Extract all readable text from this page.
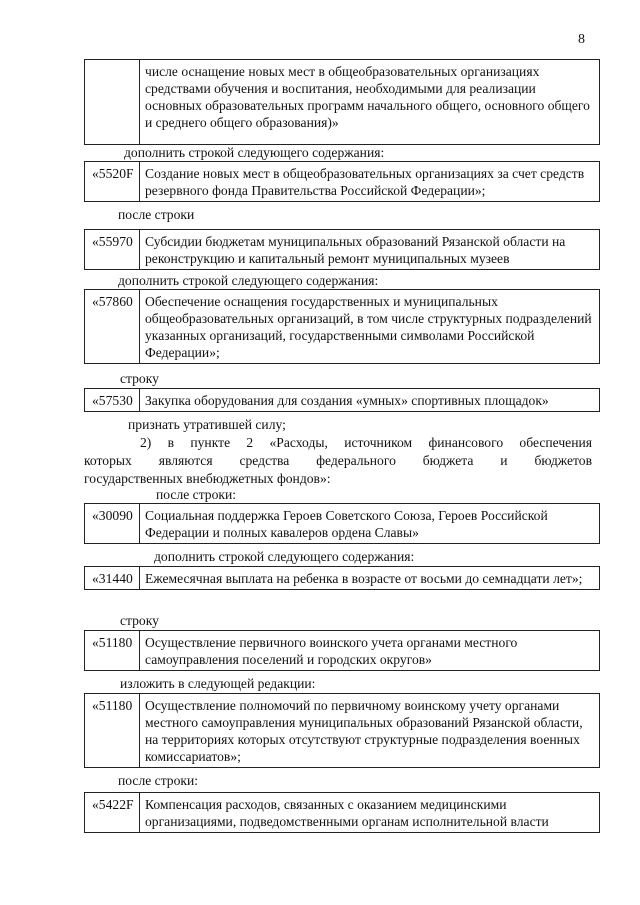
8
	числе оснащение новых мест в общеобразовательных организациях средствами обучения и воспитания, необходимыми для реализации основных образовательных программ начального общего, основного общего и среднего общего образования)»
дополнить строкой следующего содержания:
«5520F	Создание новых мест в общеобразовательных организациях за счет средств резервного фонда Правительства Российской Федерации»;
после строки
«55970	Субсидии бюджетам муниципальных образований Рязанской области на реконструкцию и капитальный ремонт муниципальных музеев
дополнить строкой следующего содержания:
«57860	Обеспечение оснащения государственных и муниципальных общеобразовательных организаций, в том числе структурных подразделений указанных организаций, государственными символами Российской Федерации»;
строку
«57530	Закупка оборудования для создания «умных» спортивных площадок»
признать утратившей силу;
2) в пункте 2 «Расходы, источником финансового обеспечения
которых являются средства федерального бюджета и бюджетов
государственных внебюджетных фондов»:
после строки:
«30090	Социальная поддержка Героев Советского Союза, Героев Российской Федерации и полных кавалеров ордена Славы»
дополнить строкой следующего содержания:
«31440	Ежемесячная выплата на ребенка в возрасте от восьми до семнадцати лет»;
строку
«51180	Осуществление первичного воинского учета органами местного самоуправления поселений и городских округов»
изложить в следующей редакции:
«51180	Осуществление полномочий по первичному воинскому учету органами местного самоуправления муниципальных образований Рязанской области, на территориях которых отсутствуют структурные подразделения военных комиссариатов»;
после строки:
«5422F	Компенсация расходов, связанных с оказанием медицинскими организациями, подведомственными органам исполнительной власти
